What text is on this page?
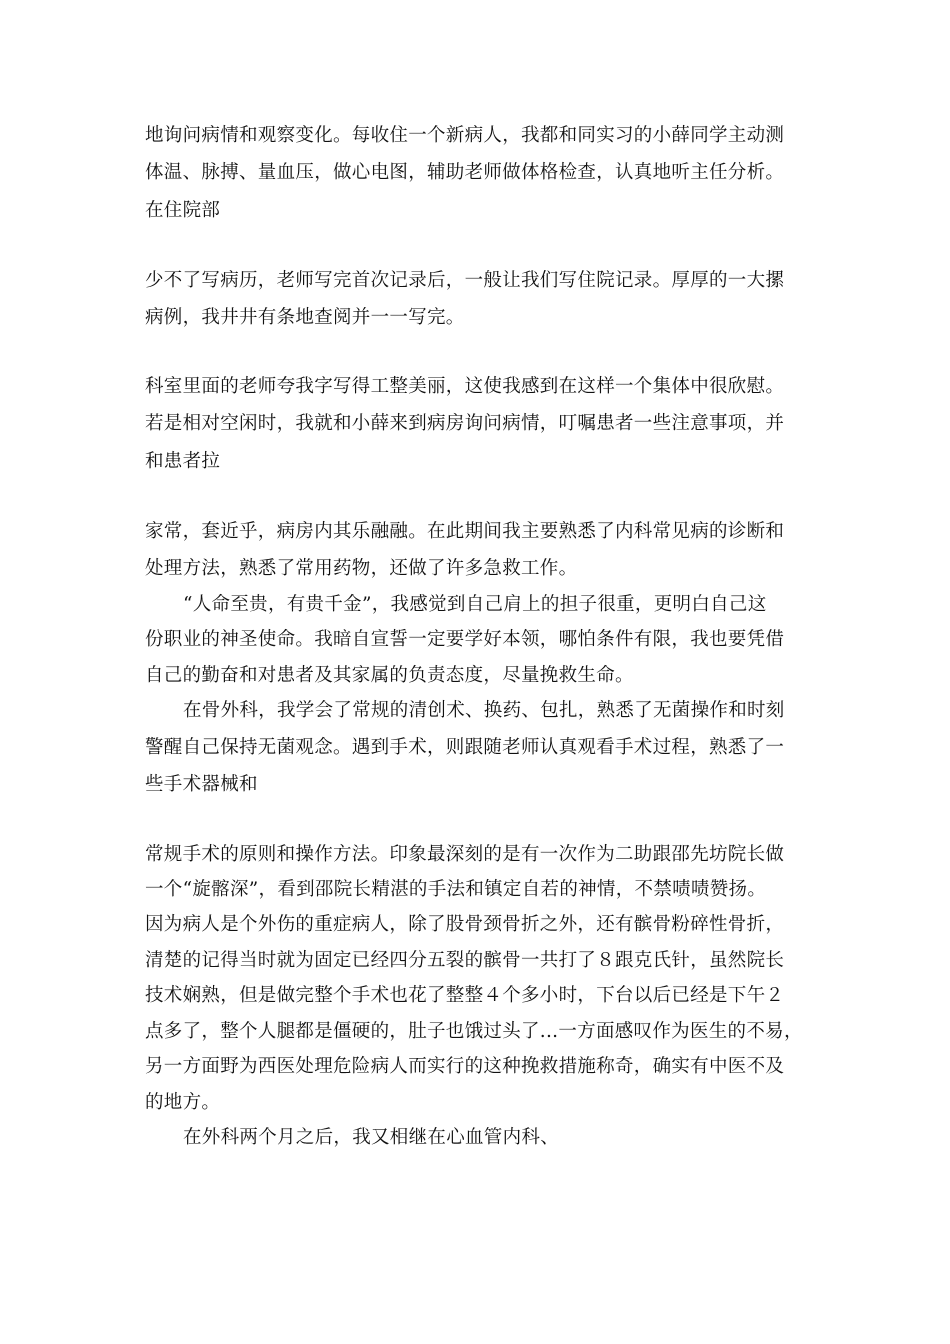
地询问病情和观察变化。每收住一个新病人，我都和同实习的小薛同学主动测
体温、脉搏、量血压，做心电图，辅助老师做体格检查，认真地听主任分析。
在住院部
少不了写病历，老师写完首次记录后，一般让我们写住院记录。厚厚的一大摞
病例，我井井有条地查阅并一一写完。
科室里面的老师夸我字写得工整美丽，这使我感到在这样一个集体中很欣慰。
若是相对空闲时，我就和小薛来到病房询问病情，叮嘱患者一些注意事项，并
和患者拉
家常，套近乎，病房内其乐融融。在此期间我主要熟悉了内科常见病的诊断和
处理方法，熟悉了常用药物，还做了许多急救工作。
“人命至贵，有贵千金”，我感觉到自己肩上的担子很重，更明白自己这
份职业的神圣使命。我暗自宣誓一定要学好本领，哪怕条件有限，我也要凭借
自己的勤奋和对患者及其家属的负责态度，尽量挽救生命。
在骨外科，我学会了常规的清创术、换药、包扎，熟悉了无菌操作和时刻
警醒自己保持无菌观念。遇到手术，则跟随老师认真观看手术过程，熟悉了一
些手术器械和
常规手术的原则和操作方法。印象最深刻的是有一次作为二助跟邵先坊院长做
一个“旋髂深”，看到邵院长精湛的手法和镇定自若的神情，不禁啧啧赞扬。
因为病人是个外伤的重症病人，除了股骨颈骨折之外，还有髌骨粉碎性骨折，
清楚的记得当时就为固定已经四分五裂的髌骨一共打了８跟克氏针，虽然院长
技术娴熟，但是做完整个手术也花了整整４个多小时，下台以后已经是下午２
点多了，整个人腿都是僵硬的，肚子也饿过头了...一方面感叹作为医生的不易，
另一方面野为西医处理危险病人而实行的这种挽救措施称奇，确实有中医不及
的地方。
在外科两个月之后，我又相继在心血管内科、
